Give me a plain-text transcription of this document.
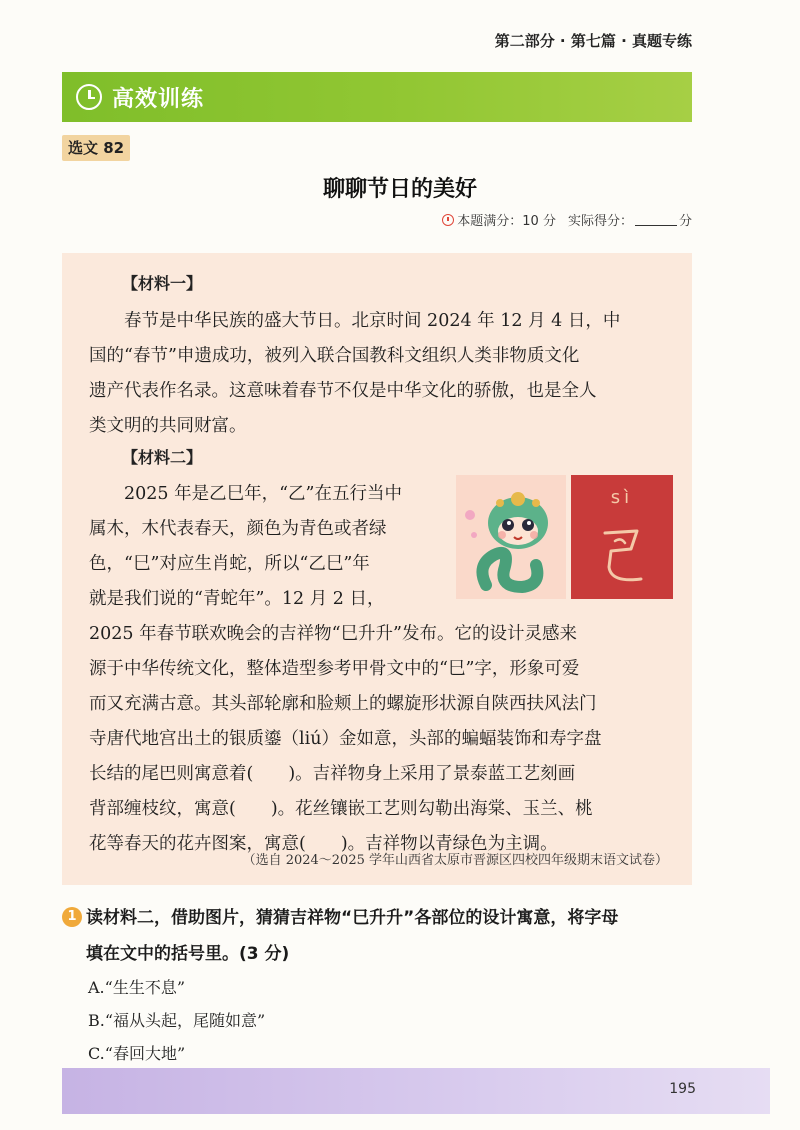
第二部分 · 第七篇 · 真题专练
高效训练
选文 82
聊聊节日的美好
本题满分：10 分 实际得分：	分
【材料一】
春节是中华民族的盛大节日。北京时间 2024 年 12 月 4 日，中
国的“春节”申遗成功，被列入联合国教科文组织人类非物质文化
遗产代表作名录。这意味着春节不仅是中华文化的骄傲，也是全人
类文明的共同财富。
【材料二】
2025 年是乙巳年，“乙”在五行当中
属木，木代表春天，颜色为青色或者绿
色，“巳”对应生肖蛇，所以“乙巳”年
就是我们说的“青蛇年”。12 月 2 日，
2025 年春节联欢晚会的吉祥物“巳升升”发布。它的设计灵感来
源于中华传统文化，整体造型参考甲骨文中的“巳”字，形象可爱
而又充满古意。其头部轮廓和脸颊上的螺旋形状源自陕西扶风法门
寺唐代地宫出土的银质鎏（liú）金如意，头部的蝙蝠装饰和寿字盘
长结的尾巴则寓意着(　　)。吉祥物身上采用了景泰蓝工艺刻画
背部缠枝纹，寓意(　　)。花丝镶嵌工艺则勾勒出海棠、玉兰、桃
花等春天的花卉图案，寓意(　　)。吉祥物以青绿色为主调。
sì
（选自 2024～2025 学年山西省太原市晋源区四校四年级期末语文试卷）
1 读材料二，借助图片，猜猜吉祥物“巳升升”各部位的设计寓意，将字母
填在文中的括号里。(3 分)
A.“生生不息”
B.“福从头起，尾随如意”
C.“春回大地”
195
